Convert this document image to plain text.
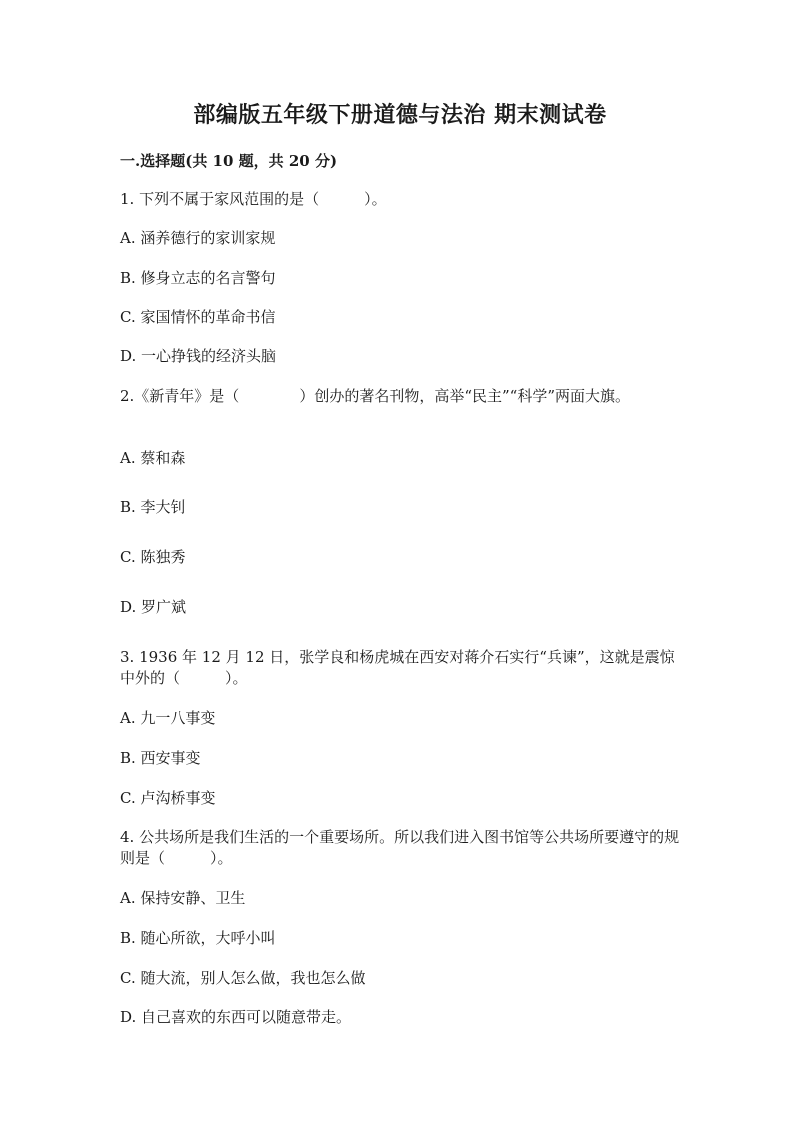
部编版五年级下册道德与法治 期末测试卷
一.选择题(共 10 题，共 20 分)
1. 下列不属于家风范围的是（　　　）。
A. 涵养德行的家训家规
B. 修身立志的名言警句
C. 家国情怀的革命书信
D. 一心挣钱的经济头脑
2.《新青年》是（　　　　）创办的著名刊物，高举“民主”“科学”两面大旗。
A. 蔡和森
B. 李大钊
C. 陈独秀
D. 罗广斌
3. 1936 年 12 月 12 日，张学良和杨虎城在西安对蒋介石实行“兵谏”，这就是震惊中外的（　　　）。
A. 九一八事变
B. 西安事变
C. 卢沟桥事变
4. 公共场所是我们生活的一个重要场所。所以我们进入图书馆等公共场所要遵守的规则是（　　　）。
A. 保持安静、卫生
B. 随心所欲，大呼小叫
C. 随大流，别人怎么做，我也怎么做
D. 自己喜欢的东西可以随意带走。
